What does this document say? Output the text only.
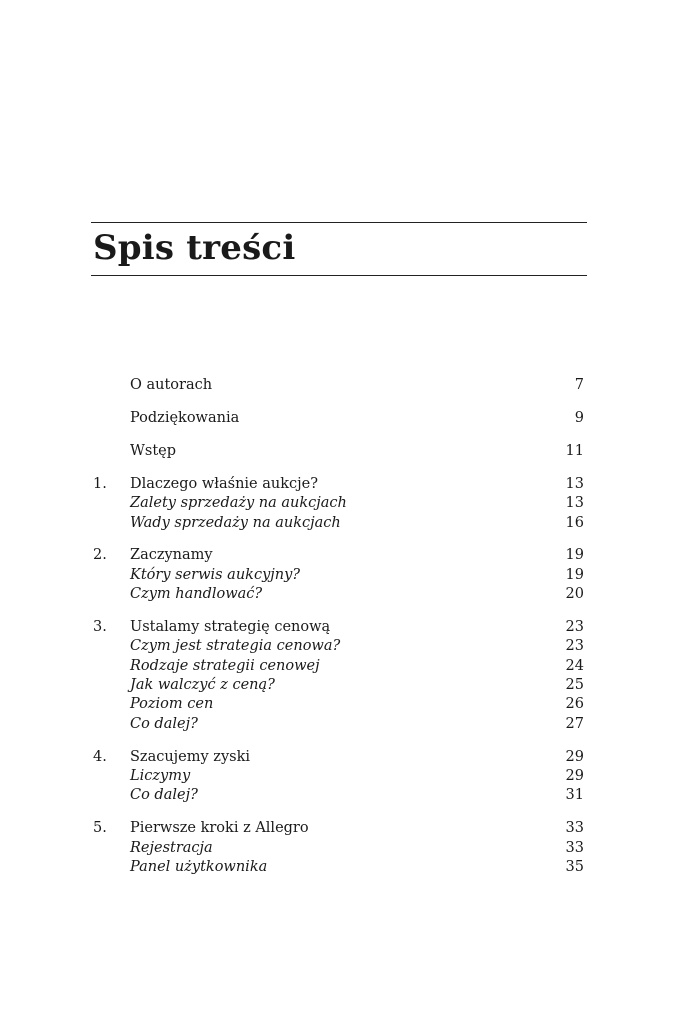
Spis treści
O autorach	7
Podziękowania	9
Wstęp	11
1. Dlaczego właśnie aukcje?	13
Zalety sprzedaży na aukcjach	13
Wady sprzedaży na aukcjach	16
2. Zaczynamy	19
Który serwis aukcyjny?	19
Czym handlować?	20
3. Ustalamy strategię cenową	23
Czym jest strategia cenowa?	23
Rodzaje strategii cenowej	24
Jak walczyć z ceną?	25
Poziom cen	26
Co dalej?	27
4. Szacujemy zyski	29
Liczymy	29
Co dalej?	31
5. Pierwsze kroki z Allegro	33
Rejestracja	33
Panel użytkownika	35
